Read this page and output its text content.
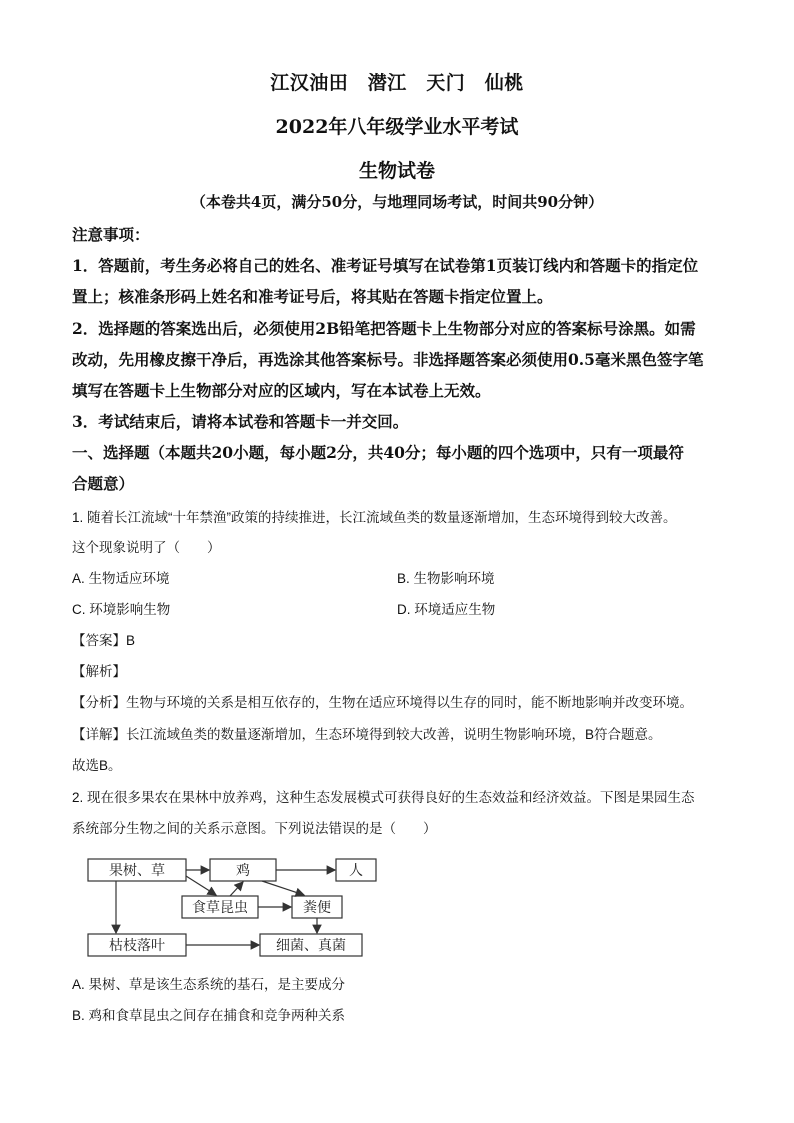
江汉油田　潜江　天门　仙桃
2022年八年级学业水平考试
生物试卷
（本卷共4页，满分50分，与地理同场考试，时间共90分钟）
注意事项：
1．答题前，考生务必将自己的姓名、准考证号填写在试卷第1页装订线内和答题卡的指定位
置上；核准条形码上姓名和准考证号后，将其贴在答题卡指定位置上。
2．选择题的答案选出后，必须使用2B铅笔把答题卡上生物部分对应的答案标号涂黑。如需
改动，先用橡皮擦干净后，再选涂其他答案标号。非选择题答案必须使用0.5毫米黑色签字笔
填写在答题卡上生物部分对应的区域内，写在本试卷上无效。
3．考试结束后，请将本试卷和答题卡一并交回。
一、选择题（本题共20小题，每小题2分，共40分；每小题的四个选项中，只有一项最符
合题意）
1. 随着长江流域“十年禁渔”政策的持续推进，长江流域鱼类的数量逐渐增加，生态环境得到较大改善。
这个现象说明了（　　）
A. 生物适应环境	B. 生物影响环境
C. 环境影响生物	D. 环境适应生物
【答案】B
【解析】
【分析】生物与环境的关系是相互依存的，生物在适应环境得以生存的同时，能不断地影响并改变环境。
【详解】长江流域鱼类的数量逐渐增加，生态环境得到较大改善，说明生物影响环境，B符合题意。
故选B。
2. 现在很多果农在果林中放养鸡，这种生态发展模式可获得良好的生态效益和经济效益。下图是果园生态
系统部分生物之间的关系示意图。下列说法错误的是（　　）
果树、草	鸡	人
食草昆虫	粪便
枯枝落叶	细菌、真菌
A. 果树、草是该生态系统的基石，是主要成分
B. 鸡和食草昆虫之间存在捕食和竞争两种关系
